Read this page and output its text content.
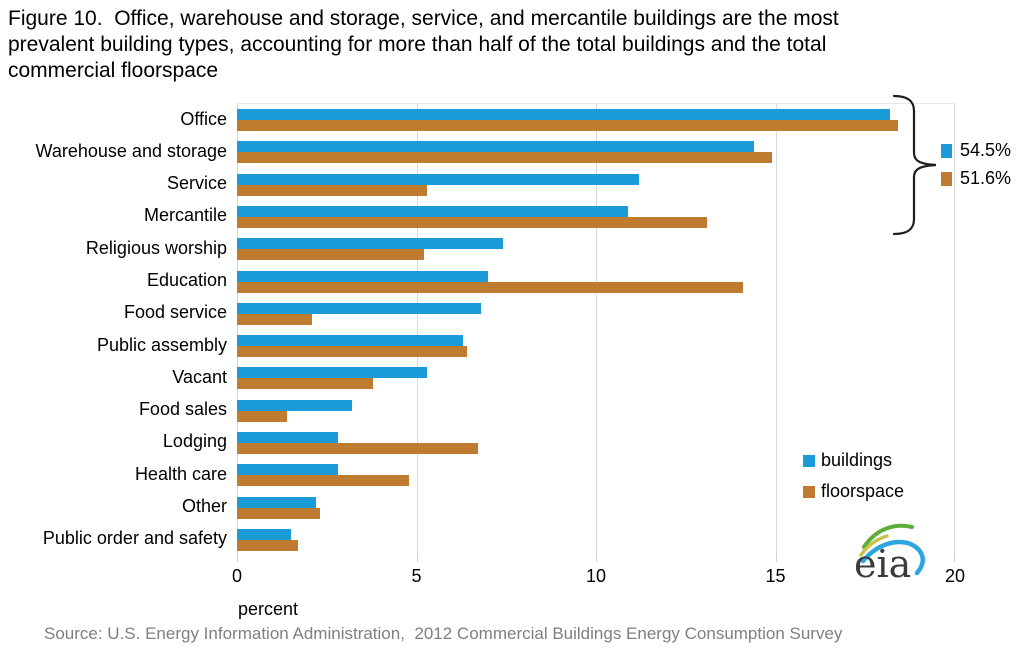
Figure 10.  Office, warehouse and storage, service, and mercantile buildings are the most
prevalent building types, accounting for more than half of the total buildings and the total
commercial floorspace
Office
Warehouse and storage
Service
Mercantile
Religious worship
Education
Food service
Public assembly
Vacant
Food sales
Lodging
Health care
Other
Public order and safety
54.5%
51.6%
buildings
floorspace
0	5	10	15	20
percent
eia
Source: U.S. Energy Information Administration,  2012 Commercial Buildings Energy Consumption Survey
